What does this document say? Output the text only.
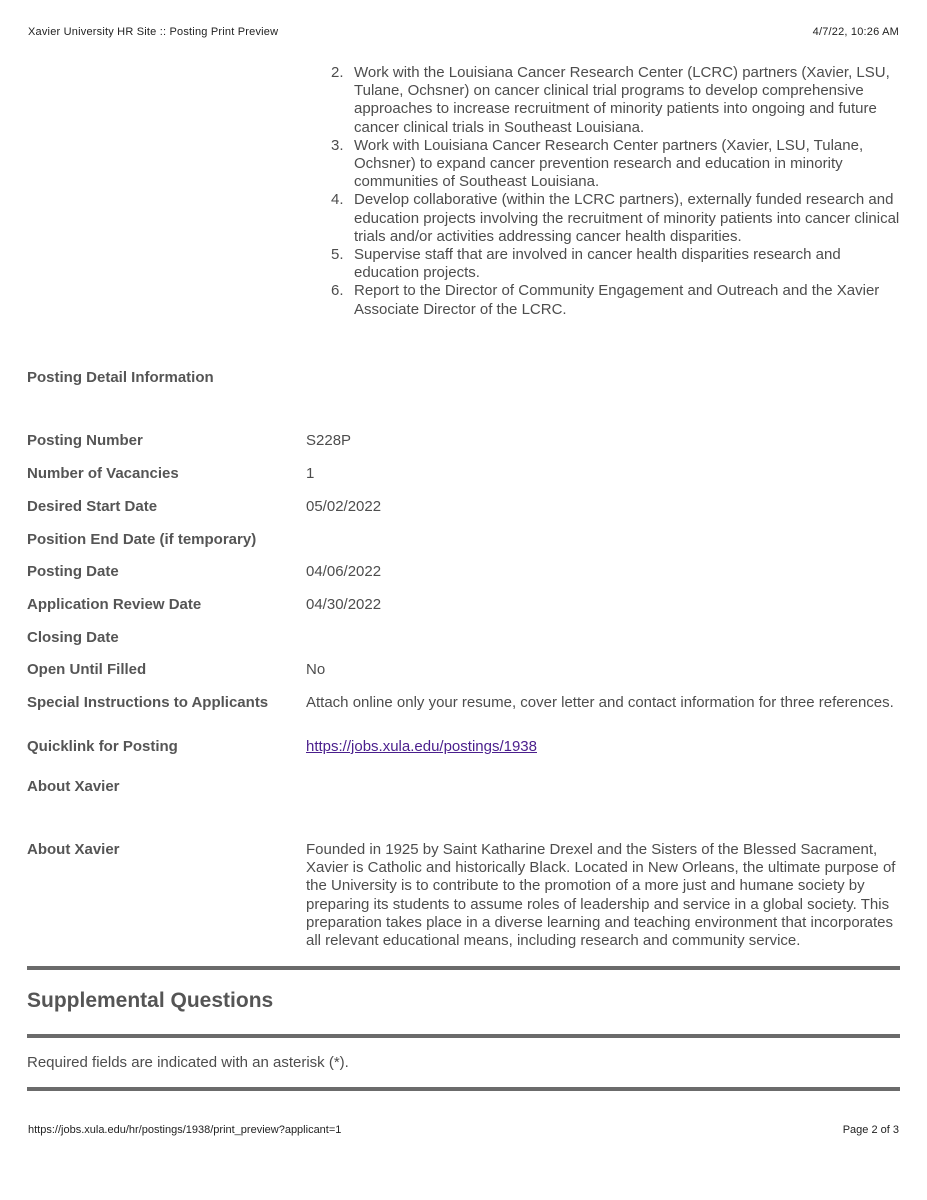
Xavier University HR Site :: Posting Print Preview	4/7/22, 10:26 AM
2. Work with the Louisiana Cancer Research Center (LCRC) partners (Xavier, LSU, Tulane, Ochsner) on cancer clinical trial programs to develop comprehensive approaches to increase recruitment of minority patients into ongoing and future cancer clinical trials in Southeast Louisiana.
3. Work with Louisiana Cancer Research Center partners (Xavier, LSU, Tulane, Ochsner) to expand cancer prevention research and education in minority communities of Southeast Louisiana.
4. Develop collaborative (within the LCRC partners), externally funded research and education projects involving the recruitment of minority patients into cancer clinical trials and/or activities addressing cancer health disparities.
5. Supervise staff that are involved in cancer health disparities research and education projects.
6. Report to the Director of Community Engagement and Outreach and the Xavier Associate Director of the LCRC.
Posting Detail Information
Posting Number	S228P
Number of Vacancies	1
Desired Start Date	05/02/2022
Position End Date (if temporary)
Posting Date	04/06/2022
Application Review Date	04/30/2022
Closing Date
Open Until Filled	No
Special Instructions to Applicants	Attach online only your resume, cover letter and contact information for three references.
Quicklink for Posting	https://jobs.xula.edu/postings/1938
About Xavier
About Xavier	Founded in 1925 by Saint Katharine Drexel and the Sisters of the Blessed Sacrament, Xavier is Catholic and historically Black. Located in New Orleans, the ultimate purpose of the University is to contribute to the promotion of a more just and humane society by preparing its students to assume roles of leadership and service in a global society. This preparation takes place in a diverse learning and teaching environment that incorporates all relevant educational means, including research and community service.
Supplemental Questions
Required fields are indicated with an asterisk (*).
https://jobs.xula.edu/hr/postings/1938/print_preview?applicant=1	Page 2 of 3
